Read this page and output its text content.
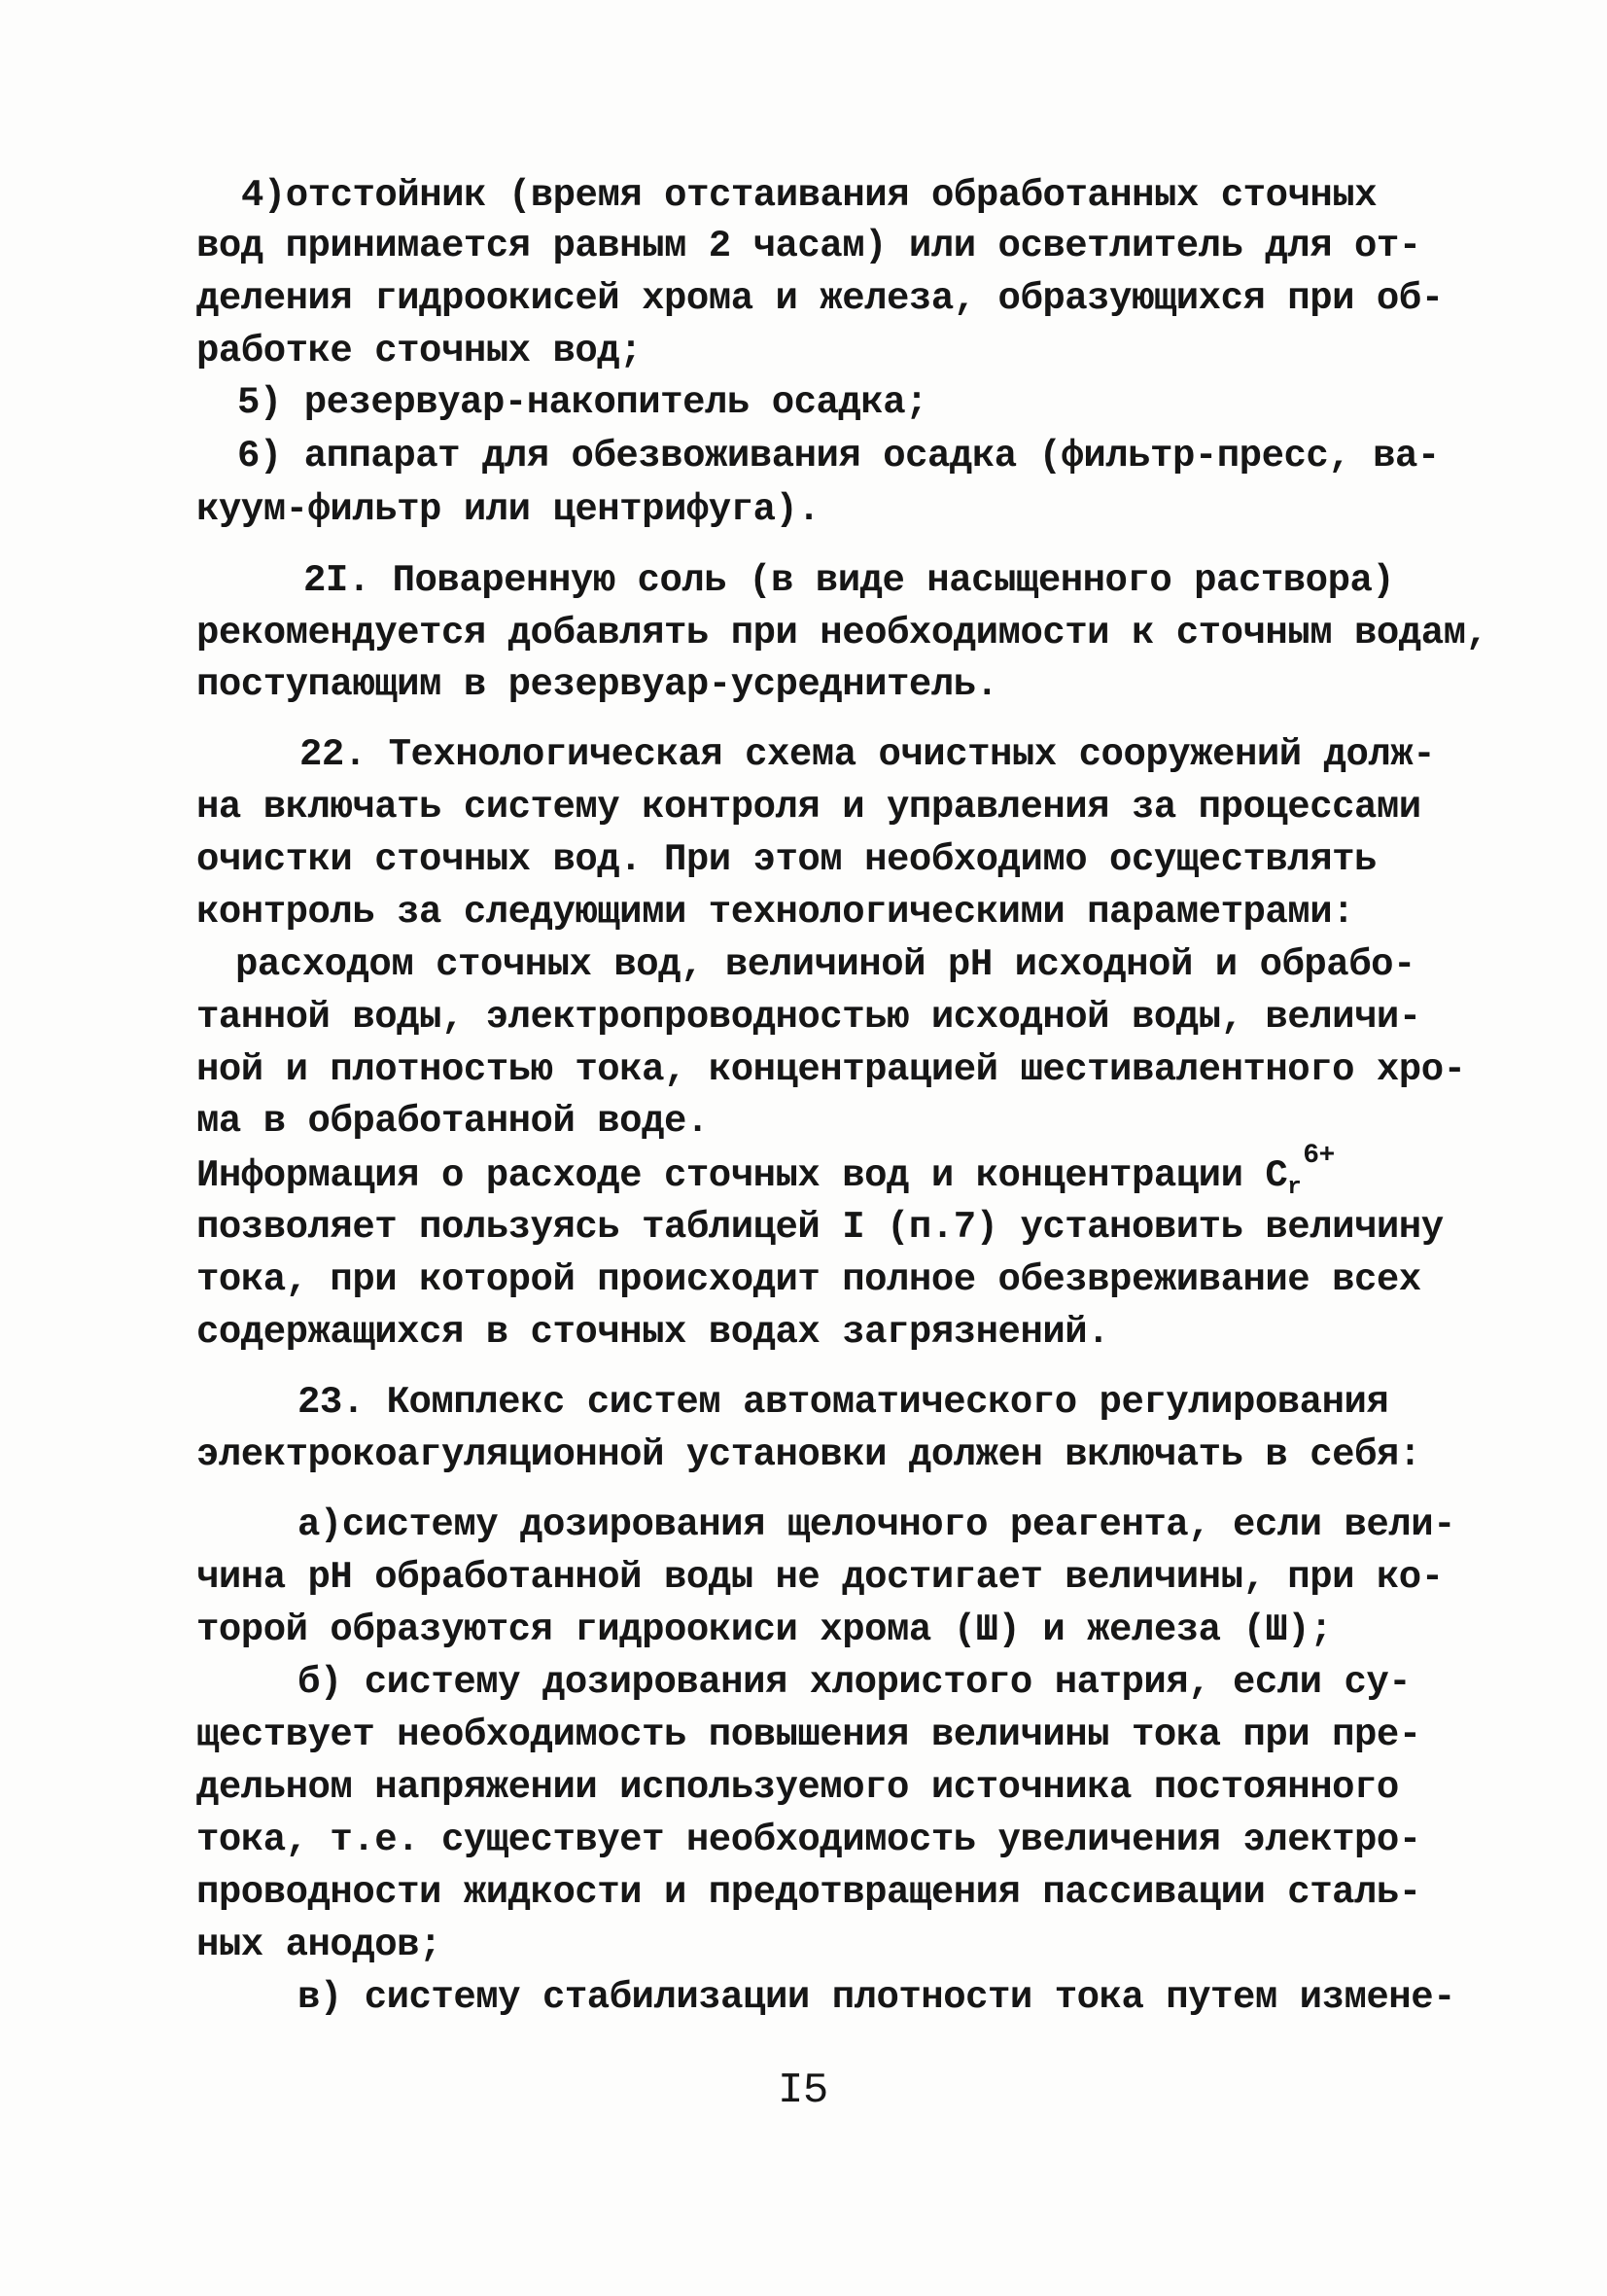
4)отстойник (время отстаивания обработанных сточных
вод принимается равным 2 часам) или осветлитель для от-
деления гидроокисей хрома и железа, образующихся при об-
работке сточных вод;
5) резервуар-накопитель осадка;
6) аппарат для обезвоживания осадка (фильтр-пресс, ва-
куум-фильтр или центрифуга).
2I. Поваренную соль (в виде насыщенного раствора)
рекомендуется добавлять при необходимости к сточным водам,
поступающим в резервуар-усреднитель.
22. Технологическая схема очистных сооружений долж-
на включать систему контроля и управления за процессами
очистки сточных вод. При этом необходимо осуществлять
контроль за следующими технологическими параметрами:
расходом сточных вод, величиной pH исходной и обрабо-
танной воды, электропроводностью исходной воды, величи-
ной и плотностью тока, концентрацией шестивалентного хро-
ма в обработанной воде.
Информация о расходе сточных вод и концентрации $C_r^{6+}$
позволяет пользуясь таблицей I (п.7) установить величину
тока, при которой происходит полное обезвреживание всех
содержащихся в сточных водах загрязнений.
23. Комплекс систем автоматического регулирования
электрокоагуляционной установки должен включать в себя:
а)систему дозирования щелочного реагента, если вели-
чина pH обработанной воды не достигает величины, при ко-
торой образуются гидроокиси хрома (Ш) и железа (Ш);
б) систему дозирования хлористого натрия, если су-
ществует необходимость повышения величины тока при пре-
дельном напряжении используемого источника постоянного
тока, т.е. существует необходимость увеличения электро-
проводности жидкости и предотвращения пассивации сталь-
ных анодов;
в) систему стабилизации плотности тока путем измене-
I5
